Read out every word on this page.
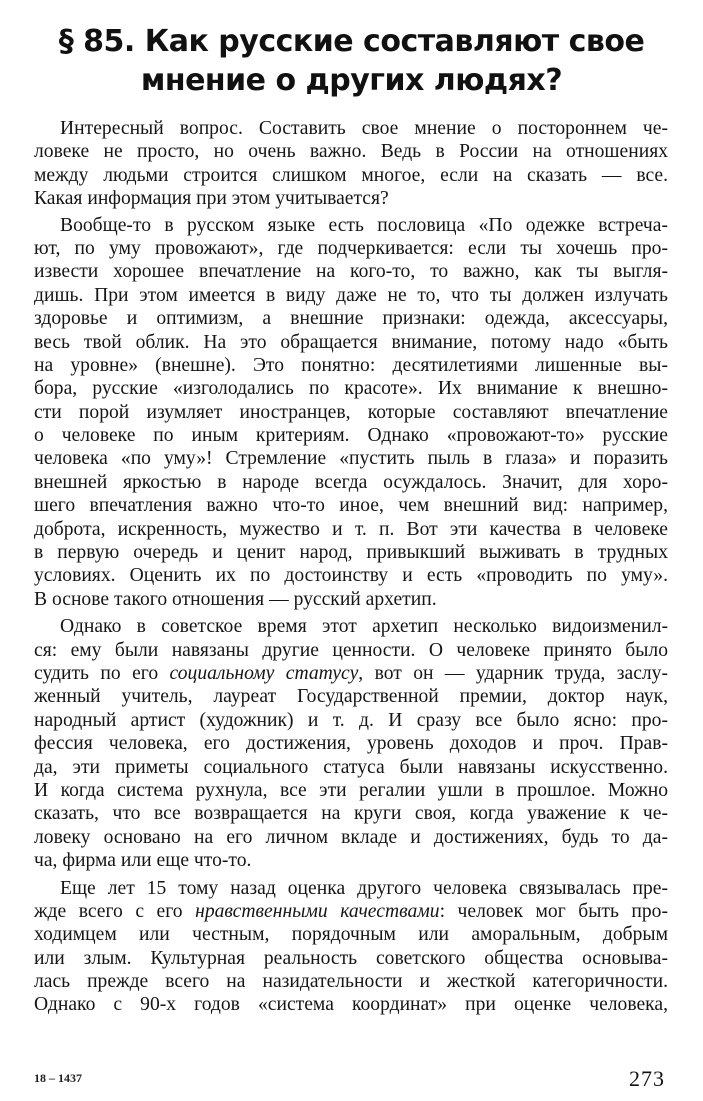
§ 85. Как русские составляют свое
мнение о других людях?
Интересный вопрос. Составить свое мнение о постороннем че-
ловеке не просто, но очень важно. Ведь в России на отношениях
между людьми строится слишком многое, если на сказать — все.
Какая информация при этом учитывается?
Вообще-то в русском языке есть пословица «По одежке встреча-
ют, по уму провожают», где подчеркивается: если ты хочешь про-
извести хорошее впечатление на кого-то, то важно, как ты выгля-
дишь. При этом имеется в виду даже не то, что ты должен излучать
здоровье и оптимизм, а внешние признаки: одежда, аксессуары,
весь твой облик. На это обращается внимание, потому надо «быть
на уровне» (внешне). Это понятно: десятилетиями лишенные вы-
бора, русские «изголодались по красоте». Их внимание к внешно-
сти порой изумляет иностранцев, которые составляют впечатление
о человеке по иным критериям. Однако «провожают-то» русские
человека «по уму»! Стремление «пустить пыль в глаза» и поразить
внешней яркостью в народе всегда осуждалось. Значит, для хоро-
шего впечатления важно что-то иное, чем внешний вид: например,
доброта, искренность, мужество и т. п. Вот эти качества в человеке
в первую очередь и ценит народ, привыкший выживать в трудных
условиях. Оценить их по достоинству и есть «проводить по уму».
В основе такого отношения — русский архетип.
Однако в советское время этот архетип несколько видоизменил-
ся: ему были навязаны другие ценности. О человеке принято было
судить по его социальному статусу, вот он — ударник труда, заслу-
женный учитель, лауреат Государственной премии, доктор наук,
народный артист (художник) и т. д. И сразу все было ясно: про-
фессия человека, его достижения, уровень доходов и проч. Прав-
да, эти приметы социального статуса были навязаны искусственно.
И когда система рухнула, все эти регалии ушли в прошлое. Можно
сказать, что все возвращается на круги своя, когда уважение к че-
ловеку основано на его личном вкладе и достижениях, будь то да-
ча, фирма или еще что-то.
Еще лет 15 тому назад оценка другого человека связывалась пре-
жде всего с его нравственными качествами: человек мог быть про-
ходимцем или честным, порядочным или аморальным, добрым
или злым. Культурная реальность советского общества основыва-
лась прежде всего на назидательности и жесткой категоричности.
Однако с 90-х годов «система координат» при оценке человека,
18 – 1437	273
